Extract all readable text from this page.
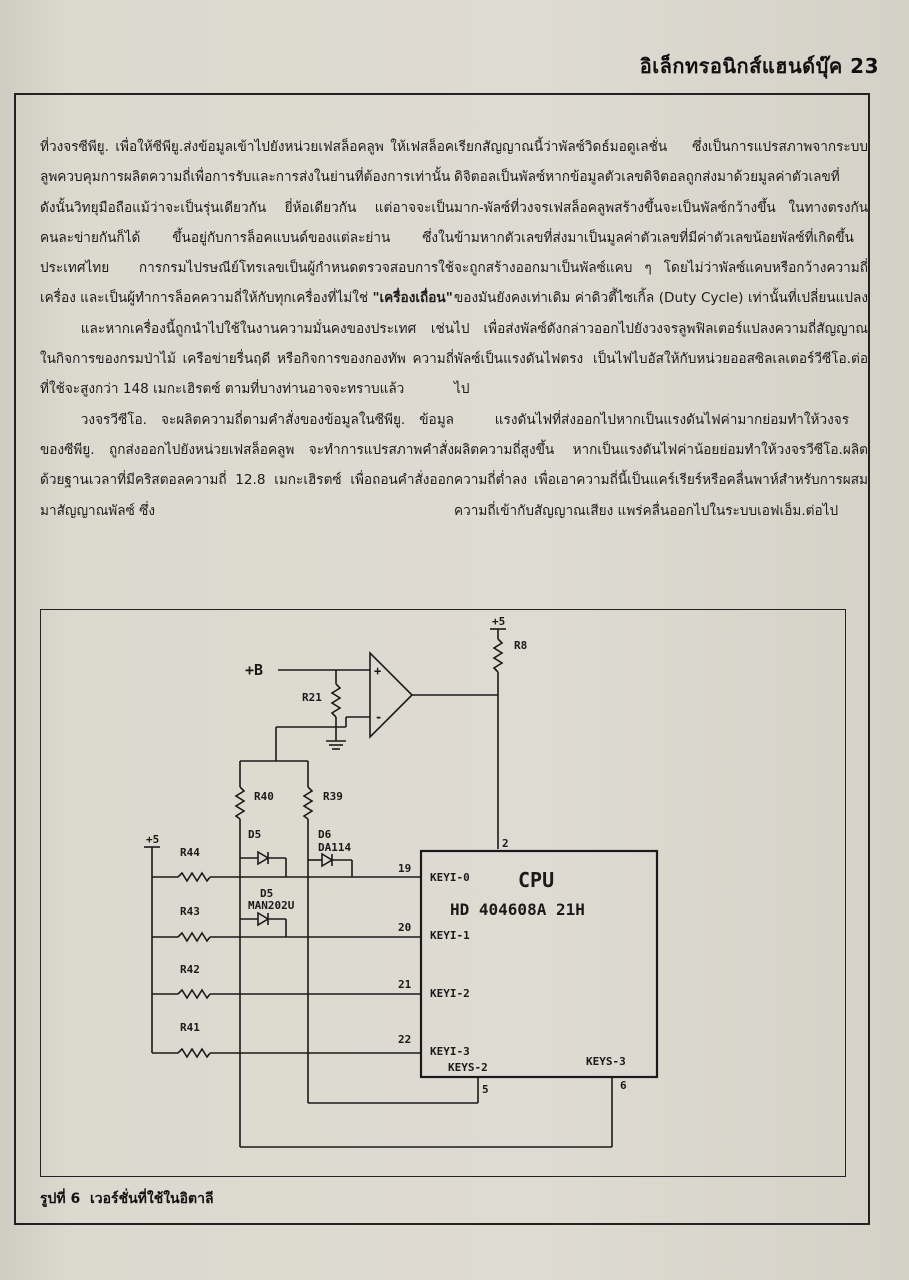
อิเล็กทรอนิกส์แฮนด์บุ๊ค 23

ที่วงจรซีพียู. เพื่อให้ซีพียู.ส่งข้อมูลเข้าไปยังหน่วยเฟสล็อคลูพ ให้เฟสล็อคลูพควบคุมการผลิตความถี่เพื่อการรับและการส่งในย่านที่ต้องการเท่านั้น ดังนั้นวิทยุมือถือแม้ว่าจะเป็นรุ่นเดียวกัน ยี่ห้อเดียวกัน แต่อาจจะเป็นคนละข่ายกันก็ได้ ขึ้นอยู่กับการล็อคแบนด์ของแต่ละย่าน ซึ่งในประเทศไทย การกรมไปรษณีย์โทรเลขเป็นผู้กำหนดตรวจสอบการใช้เครื่อง และเป็นผู้ทำการล็อคความถี่ให้กับทุกเครื่องที่ไม่ใช่ "เครื่องเถื่อน"

และหากเครื่องนี้ถูกนำไปใช้ในงานความมั่นคงของประเทศ เช่นในกิจการของกรมป่าไม้ เครือข่ายรื่นฤดี หรือกิจการของกองทัพ ความถี่ที่ใช้จะสูงกว่า 148 เมกะเฮิรตซ์ ตามที่บางท่านอาจจะทราบแล้ว

วงจรวีซีโอ. จะผลิตความถี่ตามคำสั่งของข้อมูลในซีพียู. ข้อมูลของซีพียู. ถูกส่งออกไปยังหน่วยเฟสล็อคลูพ จะทำการแปรสภาพคำสั่งด้วยฐานเวลาที่มีคริสตอลความถี่ 12.8 เมกะเฮิรตซ์ เพื่อถอนคำสั่งออกมาสัญญาณพัลซ์ ซึ่ง

เรียกสัญญาณนี้ว่าพัลซ์วิดธ์มอดูเลชั่น ซึ่งเป็นการแปรสภาพจากระบบดิจิตอลเป็นพัลซ์หากข้อมูลตัวเลขดิจิตอลถูกส่งมาด้วยมูลค่าตัวเลขที่มาก-พัลซ์ที่วงจรเฟสล็อคลูพสร้างขึ้นจะเป็นพัลซ์กว้างขึ้น ในทางตรงกันข้ามหากตัวเลขที่ส่งมาเป็นมูลค่าตัวเลขที่มีค่าตัวเลขน้อยพัลซ์ที่เกิดขึ้นจะถูกสร้างออกมาเป็นพัลซ์แคบ ๆ โดยไม่ว่าพัลซ์แคบหรือกว้างความถี่ของมันยังคงเท่าเดิม ค่าดิวตี้ไซเกิ้ล (Duty Cycle) เท่านั้นที่เปลี่ยนแปลงไป เพื่อส่งพัลซ์ดังกล่าวออกไปยังวงจรลูพฟิลเตอร์แปลงความถี่สัญญาณพัลซ์เป็นแรงดันไฟตรง เป็นไฟไบอัสให้กับหน่วยออสซิลเลเตอร์วีซีโอ.ต่อไป

แรงดันไฟที่ส่งออกไปหากเป็นแรงดันไฟค่ามากย่อมทำให้วงจรผลิตความถี่สูงขึ้น หากเป็นแรงดันไฟค่าน้อยย่อมทำให้วงจรวีซีโอ.ผลิตความถี่ต่ำลง เพื่อเอาความถี่นี้เป็นแคร์เรียร์หรือคลื่นพาห์สำหรับการผสมความถี่เข้ากับสัญญาณเสียง แพร่คลื่นออกไปในระบบเอฟเอ็ม.ต่อไป

+5
R8
+B
R21
+
-
R40	R39
D5	D6
DA114
D5
MAN202U
+5
R44
R43
R42
R41
2
19
20
21
22
5	6
CPU
HD 404608A 21H
KEYI-0
KEYI-1
KEYI-2
KEYI-3
KEYS-2	KEYS-3
รูปที่ 6 เวอร์ชั่นที่ใช้ในอิตาลี
